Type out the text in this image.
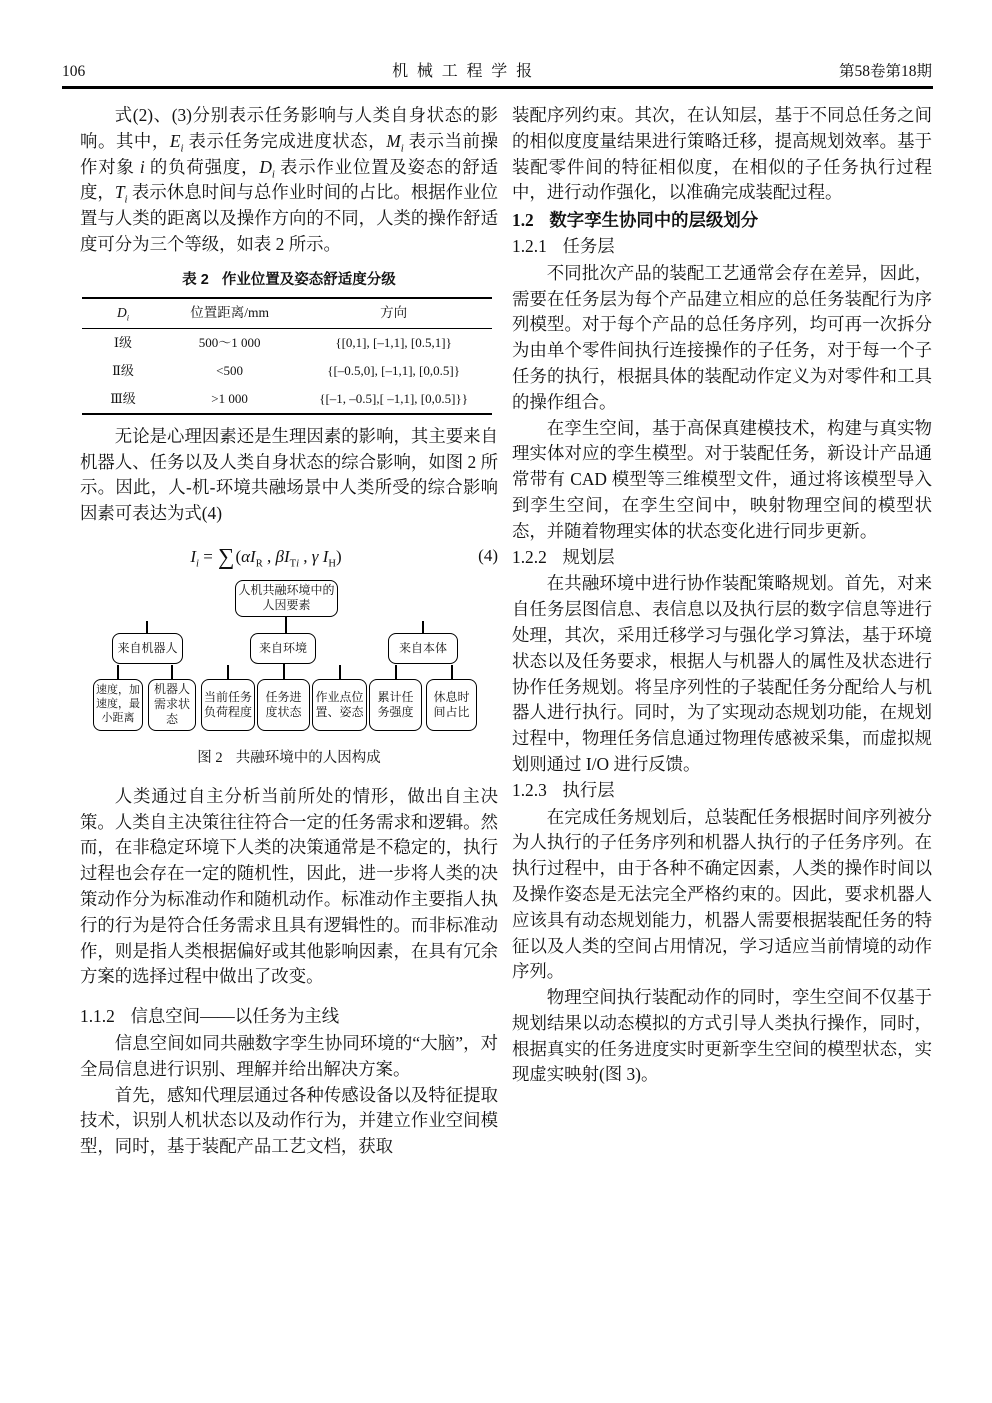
106	机械工程学报	第58卷第18期

式(2)、(3)分别表示任务影响与人类自身状态的影响。其中，$E_i$ 表示任务完成进度状态，$M_i$ 表示当前操作对象 i 的负荷强度，$D_i$ 表示作业位置及姿态的舒适度，$T_i$ 表示休息时间与总作业时间的占比。根据作业位置与人类的距离以及操作方向的不同，人类的操作舒适度可分为三个等级，如表 2 所示。

表 2 作业位置及姿态舒适度分级
$D_i$	位置距离/mm	方向
Ⅰ级	500～1 000	{[0,1], [–1,1], [0.5,1]}
Ⅱ级	<500	{[–0.5,0], [–1,1], [0,0.5]}
Ⅲ级	>1 000	{[–1, –0.5],[ –1,1], [0,0.5]}}

无论是心理因素还是生理因素的影响，其主要来自机器人、任务以及人类自身状态的综合影响，如图 2 所示。因此，人-机-环境共融场景中人类所受的综合影响因素可表达为式(4)

$I_i = \sum(\alpha I_R$ , $\beta I_{Ti}$ , γ $I_H$)	(4)
人机共融环境中的人因要素
来自机器人	来自环境	来自本体
速度，加速度，最小距离
机器人需求状态
当前任务负荷程度
任务进度状态
作业点位置、姿态
累计任务强度
休息时间占比
图 2 共融环境中的人因构成

人类通过自主分析当前所处的情形，做出自主决策。人类自主决策往往符合一定的任务需求和逻辑。然而，在非稳定环境下人类的决策通常是不稳定的，执行过程也会存在一定的随机性，因此，进一步将人类的决策动作分为标准动作和随机动作。标准动作主要指人执行的行为是符合任务需求且具有逻辑性的。而非标准动作，则是指人类根据偏好或其他影响因素，在具有冗余方案的选择过程中做出了改变。

1.1.2 信息空间——以任务为主线

信息空间如同共融数字孪生协同环境的“大脑”，对全局信息进行识别、理解并给出解决方案。

首先，感知代理层通过各种传感设备以及特征提取技术，识别人机状态以及动作行为，并建立作业空间模型，同时，基于装配产品工艺文档，获取

装配序列约束。其次，在认知层，基于不同总任务之间的相似度度量结果进行策略迁移，提高规划效率。基于装配零件间的特征相似度，在相似的子任务执行过程中，进行动作强化，以准确完成装配过程。

1.2 数字孪生协同中的层级划分
1.2.1 任务层

不同批次产品的装配工艺通常会存在差异，因此，需要在任务层为每个产品建立相应的总任务装配行为序列模型。对于每个产品的总任务序列，均可再一次拆分为由单个零件间执行连接操作的子任务，对于每一个子任务的执行，根据具体的装配动作定义为对零件和工具的操作组合。

在孪生空间，基于高保真建模技术，构建与真实物理实体对应的孪生模型。对于装配任务，新设计产品通常带有 CAD 模型等三维模型文件，通过将该模型导入到孪生空间，在孪生空间中，映射物理空间的模型状态，并随着物理实体的状态变化进行同步更新。

1.2.2 规划层

在共融环境中进行协作装配策略规划。首先，对来自任务层图信息、表信息以及执行层的数字信息等进行处理，其次，采用迁移学习与强化学习算法，基于环境状态以及任务要求，根据人与机器人的属性及状态进行协作任务规划。将呈序列性的子装配任务分配给人与机器人进行执行。同时，为了实现动态规划功能，在规划过程中，物理任务信息通过物理传感被采集，而虚拟规划则通过 I/O 进行反馈。

1.2.3 执行层

在完成任务规划后，总装配任务根据时间序列被分为人执行的子任务序列和机器人执行的子任务序列。在执行过程中，由于各种不确定因素，人类的操作时间以及操作姿态是无法完全严格约束的。因此，要求机器人应该具有动态规划能力，机器人需要根据装配任务的特征以及人类的空间占用情况，学习适应当前情境的动作序列。

物理空间执行装配动作的同时，孪生空间不仅基于规划结果以动态模拟的方式引导人类执行操作，同时，根据真实的任务进度实时更新孪生空间的模型状态，实现虚实映射(图 3)。
